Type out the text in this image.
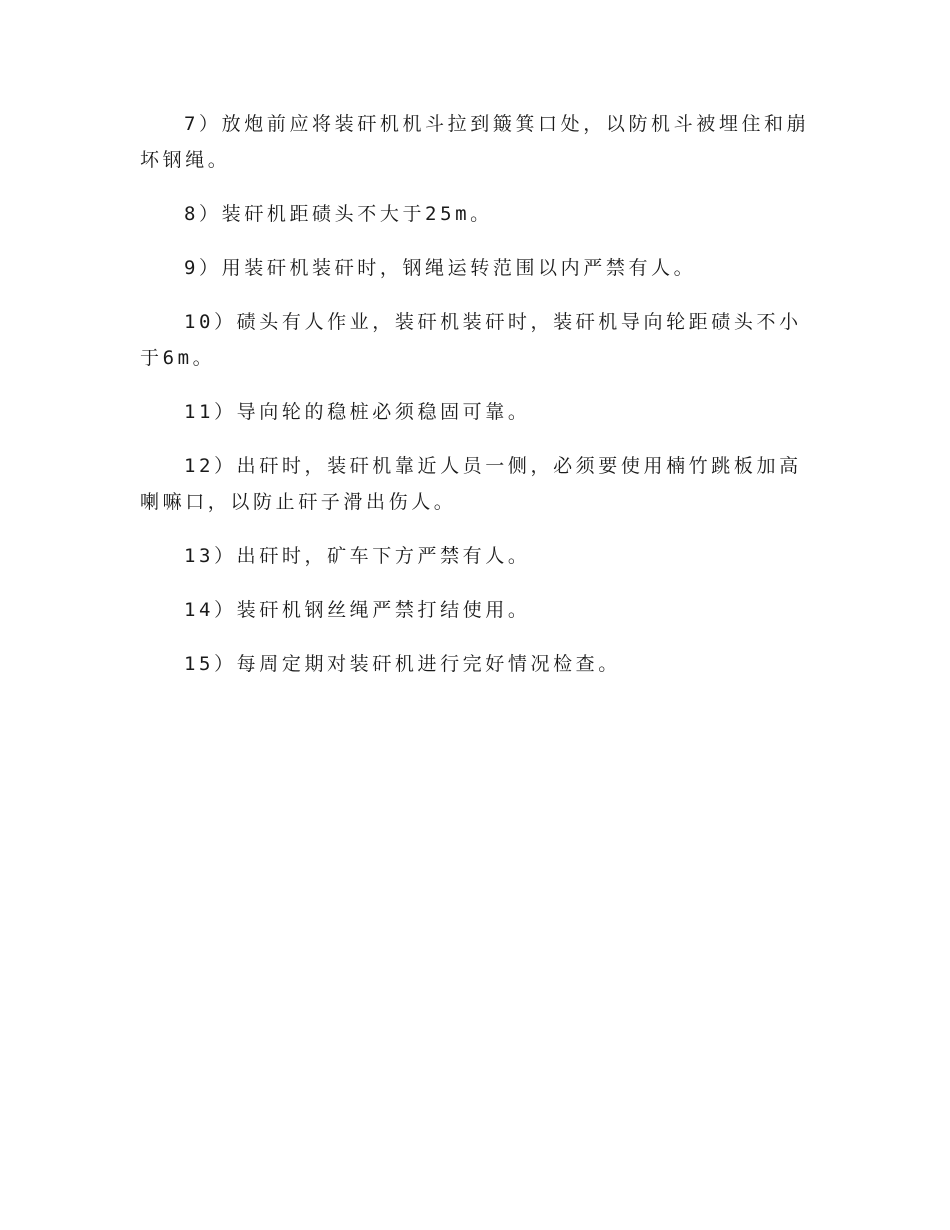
7）放炮前应将装矸机机斗拉到簸箕口处，以防机斗被埋住和崩坏钢绳。

8）装矸机距碛头不大于25m。

9）用装矸机装矸时，钢绳运转范围以内严禁有人。

10）碛头有人作业，装矸机装矸时，装矸机导向轮距碛头不小于6m。

11）导向轮的稳桩必须稳固可靠。

12）出矸时，装矸机靠近人员一侧，必须要使用楠竹跳板加高喇嘛口，以防止矸子滑出伤人。

13）出矸时，矿车下方严禁有人。

14）装矸机钢丝绳严禁打结使用。

15）每周定期对装矸机进行完好情况检查。
